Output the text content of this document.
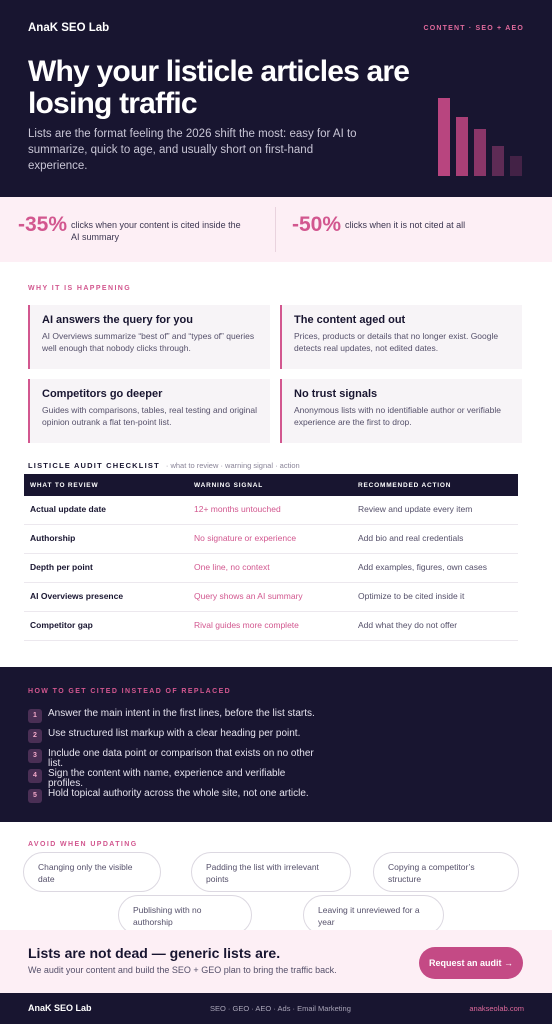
AnaK SEO Lab	CONTENT · SEO + AEO
Why your listicle articles are losing traffic
Lists are the format feeling the 2026 shift the most: easy for AI to summarize, quick to age, and usually short on first-hand experience.
-35% clicks when your content is cited inside the AI summary
-50% clicks when it is not cited at all
WHY IT IS HAPPENING
AI answers the query for you
AI Overviews summarize “best of” and “types of” queries well enough that nobody clicks through.
The content aged out
Prices, products or details that no longer exist. Google detects real updates, not edited dates.
Competitors go deeper
Guides with comparisons, tables, real testing and original opinion outrank a flat ten-point list.
No trust signals
Anonymous lists with no identifiable author or verifiable experience are the first to drop.
LISTICLE AUDIT CHECKLIST · what to review · warning signal · action
WHAT TO REVIEW	WARNING SIGNAL	RECOMMENDED ACTION
Actual update date	12+ months untouched	Review and update every item
Authorship	No signature or experience	Add bio and real credentials
Depth per point	One line, no context	Add examples, figures, own cases
AI Overviews presence	Query shows an AI summary	Optimize to be cited inside it
Competitor gap	Rival guides more complete	Add what they do not offer
HOW TO GET CITED INSTEAD OF REPLACED
1	Answer the main intent in the first lines, before the list starts.
2	Use structured list markup with a clear heading per point.
3	Include one data point or comparison that exists on no other list.
4	Sign the content with name, experience and verifiable profiles.
5	Hold topical authority across the whole site, not one article.
AVOID WHEN UPDATING
Changing only the visible date
Padding the list with irrelevant points
Copying a competitor’s structure
Publishing with no authorship
Leaving it unreviewed for a year
Lists are not dead — generic lists are.
We audit your content and build the SEO + GEO plan to bring the traffic back.
Request an audit →
AnaK SEO Lab	SEO · GEO · AEO · Ads · Email Marketing	anakseolab.com
